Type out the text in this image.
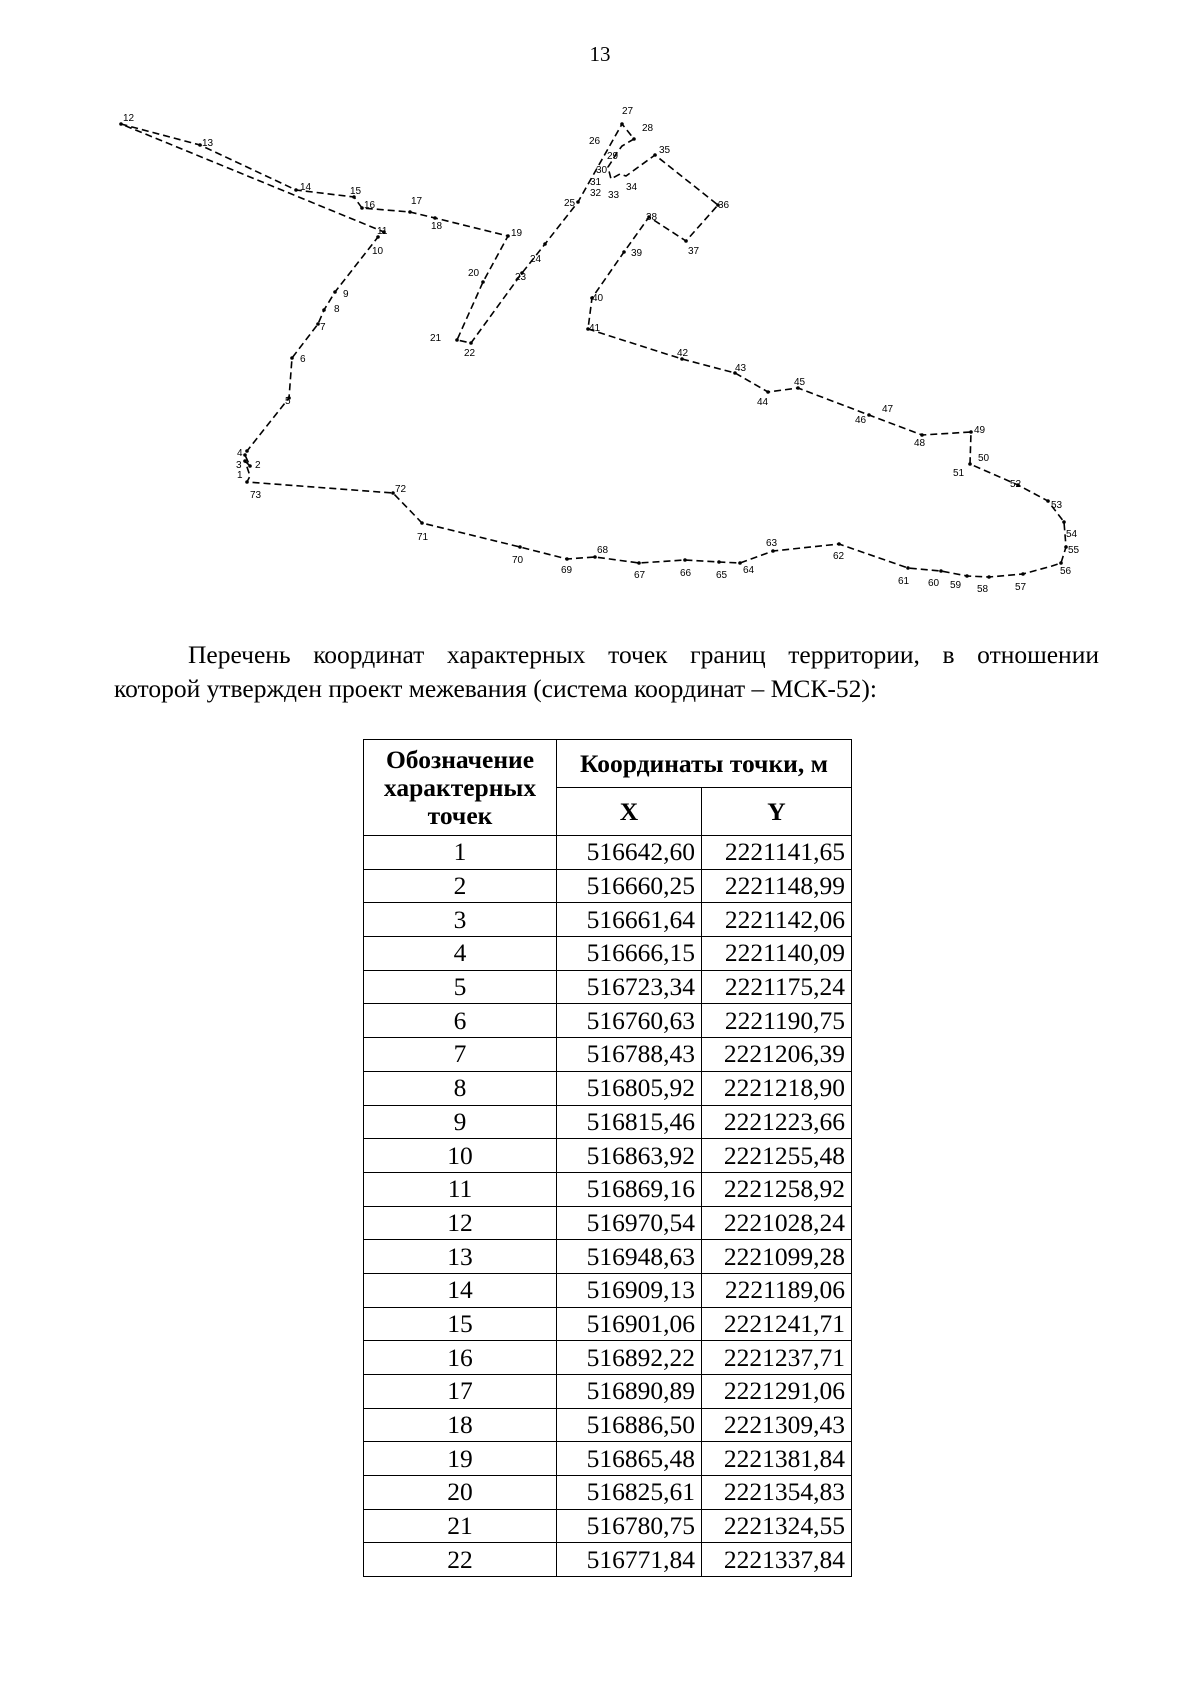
13
1
2
3
4
5
6
7
8
9
10
11
12
13
14	15
16	17
18
19
20
21
22
23
24
25
26
27
28
29
30
31
32 33
34
35
36
37
38
39
40
41
42
43
44
45
46
47
48
49
50
51
52
53
54
55
56
57
58
59
60
61
62
63
64
65
66
67
68
69
70
71
72
73
Перечень координат характерных точек границ территории, в отношении
которой утвержден проект межевания (система координат – МСК-52):
Обозначение характерных точек	Координаты точки, м	
	X	Y
1	516642,60	2221141,65
2	516660,25	2221148,99
3	516661,64	2221142,06
4	516666,15	2221140,09
5	516723,34	2221175,24
6	516760,63	2221190,75
7	516788,43	2221206,39
8	516805,92	2221218,90
9	516815,46	2221223,66
10	516863,92	2221255,48
11	516869,16	2221258,92
12	516970,54	2221028,24
13	516948,63	2221099,28
14	516909,13	2221189,06
15	516901,06	2221241,71
16	516892,22	2221237,71
17	516890,89	2221291,06
18	516886,50	2221309,43
19	516865,48	2221381,84
20	516825,61	2221354,83
21	516780,75	2221324,55
22	516771,84	2221337,84
